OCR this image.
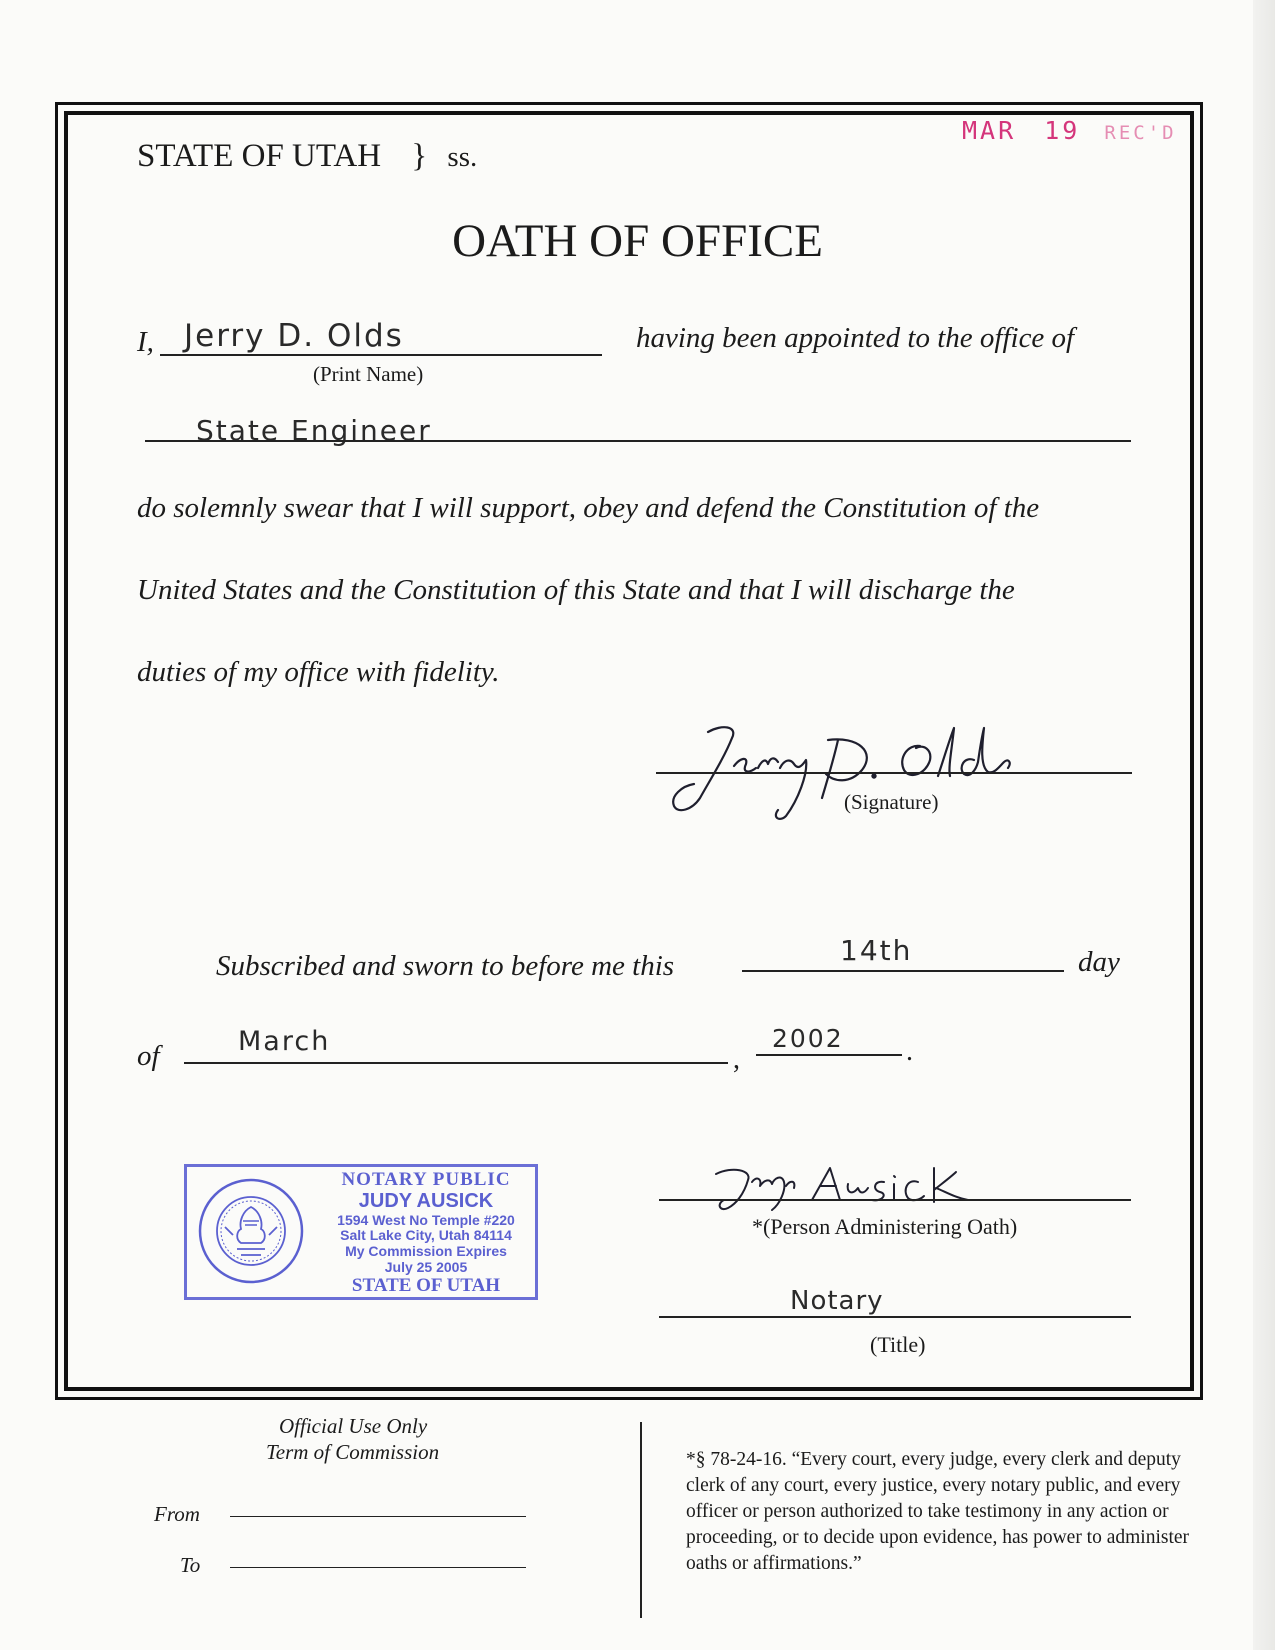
MAR 19 REC'D
STATE OF UTAH } ss.
OATH OF OFFICE
I, Jerry D. Olds
(Print Name)
having been appointed to the office of
State Engineer
do solemnly swear that I will support, obey and defend the Constitution of the
United States and the Constitution of this State and that I will discharge the
duties of my office with fidelity.
(Signature)
Subscribed and sworn to before me this	14th	day
of	March
,
2002 .
NOTARY PUBLIC
JUDY AUSICK
1594 West No Temple #220
Salt Lake City, Utah 84114
My Commission Expires
July 25 2005
STATE OF UTAH
*(Person Administering Oath)
Notary
(Title)
Official Use Only
Term of Commission
From
To
*§ 78-24-16. “Every court, every judge, every clerk and deputy clerk of any court, every justice, every notary public, and every officer or person authorized to take testimony in any action or proceeding, or to decide upon evidence, has power to administer oaths or affirmations.”
